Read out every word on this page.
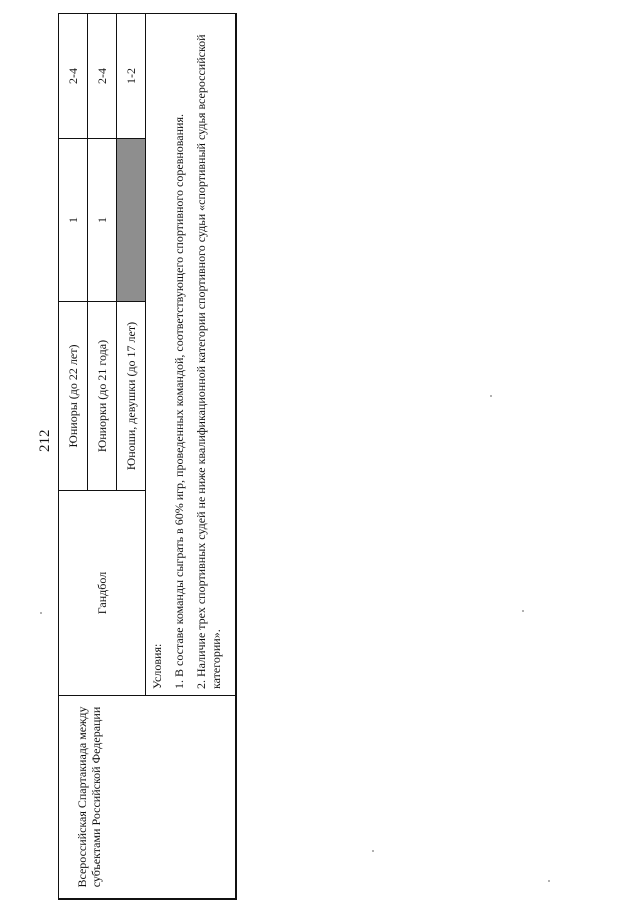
212
Всероссийская Спартакиада между субъектами Российской Федерации	Гандбол	Юниоры (до 22 лет)	1	2-4
		Юниорки (до 21 года)	1	2-4
		Юноши, девушки (до 17 лет)		1-2

	Условия: 1. В составе команды сыграть в 60% игр, проведенных командой, соответствующего спортивного соревнования. 2. Наличие трех спортивных судей не ниже квалификационной категории спортивного судьи «спортивный судья всероссийской категории».			
